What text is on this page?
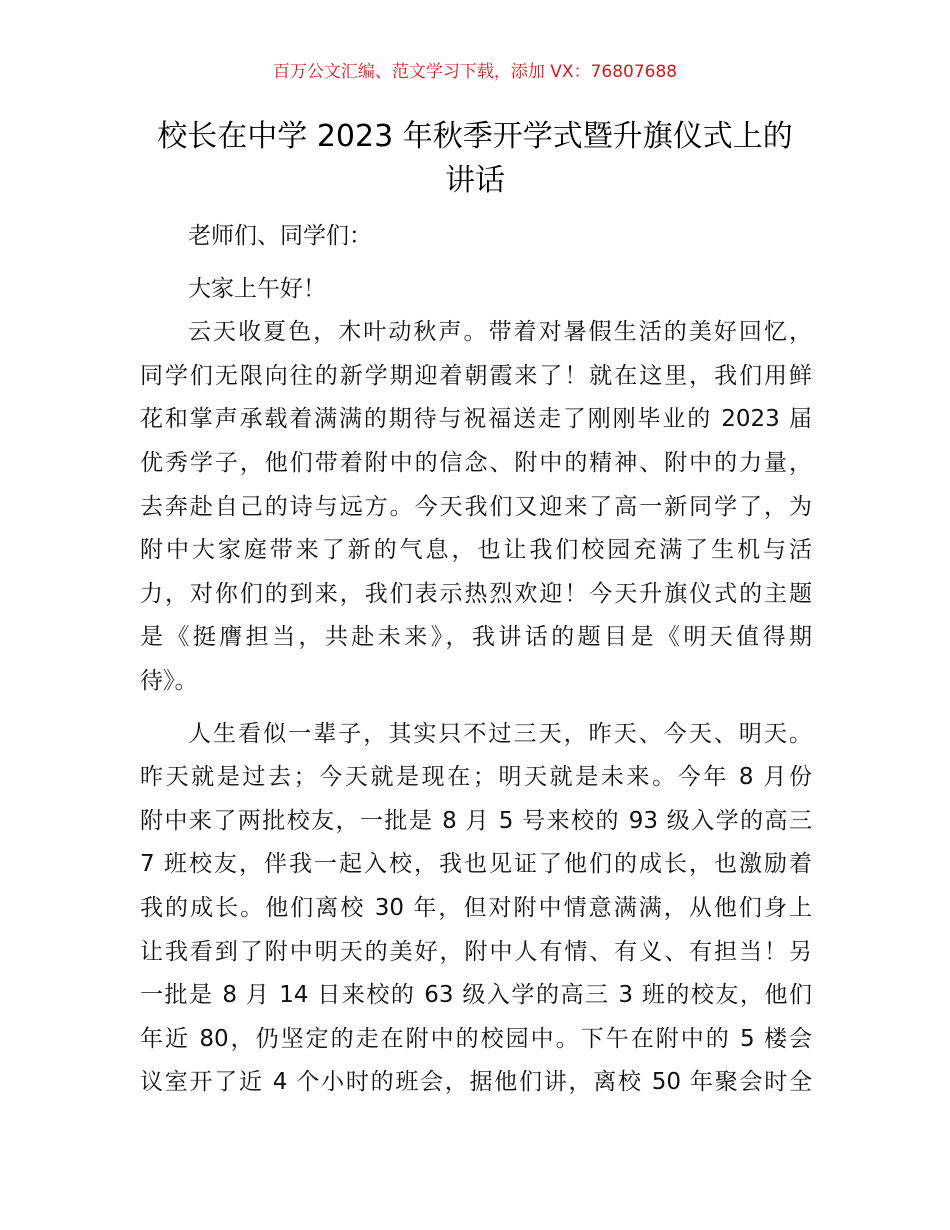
百万公文汇编、范文学习下载，添加 VX：76807688
校长在中学 2023 年秋季开学式暨升旗仪式上的
讲话
老师们、同学们：
大家上午好！
云天收夏色，木叶动秋声。带着对暑假生活的美好回忆，
同学们无限向往的新学期迎着朝霞来了！就在这里，我们用鲜
花和掌声承载着满满的期待与祝福送走了刚刚毕业的 2023 届
优秀学子，他们带着附中的信念、附中的精神、附中的力量，
去奔赴自己的诗与远方。今天我们又迎来了高一新同学了，为
附中大家庭带来了新的气息，也让我们校园充满了生机与活
力，对你们的到来，我们表示热烈欢迎！今天升旗仪式的主题
是《挺膺担当，共赴未来》，我讲话的题目是《明天值得期
待》。
人生看似一辈子，其实只不过三天，昨天、今天、明天。
昨天就是过去；今天就是现在；明天就是未来。今年 8 月份
附中来了两批校友，一批是 8 月 5 号来校的 93 级入学的高三
7 班校友，伴我一起入校，我也见证了他们的成长，也激励着
我的成长。他们离校 30 年，但对附中情意满满，从他们身上
让我看到了附中明天的美好，附中人有情、有义、有担当！另
一批是 8 月 14 日来校的 63 级入学的高三 3 班的校友，他们
年近 80，仍坚定的走在附中的校园中。下午在附中的 5 楼会
议室开了近 4 个小时的班会，据他们讲，离校 50 年聚会时全
